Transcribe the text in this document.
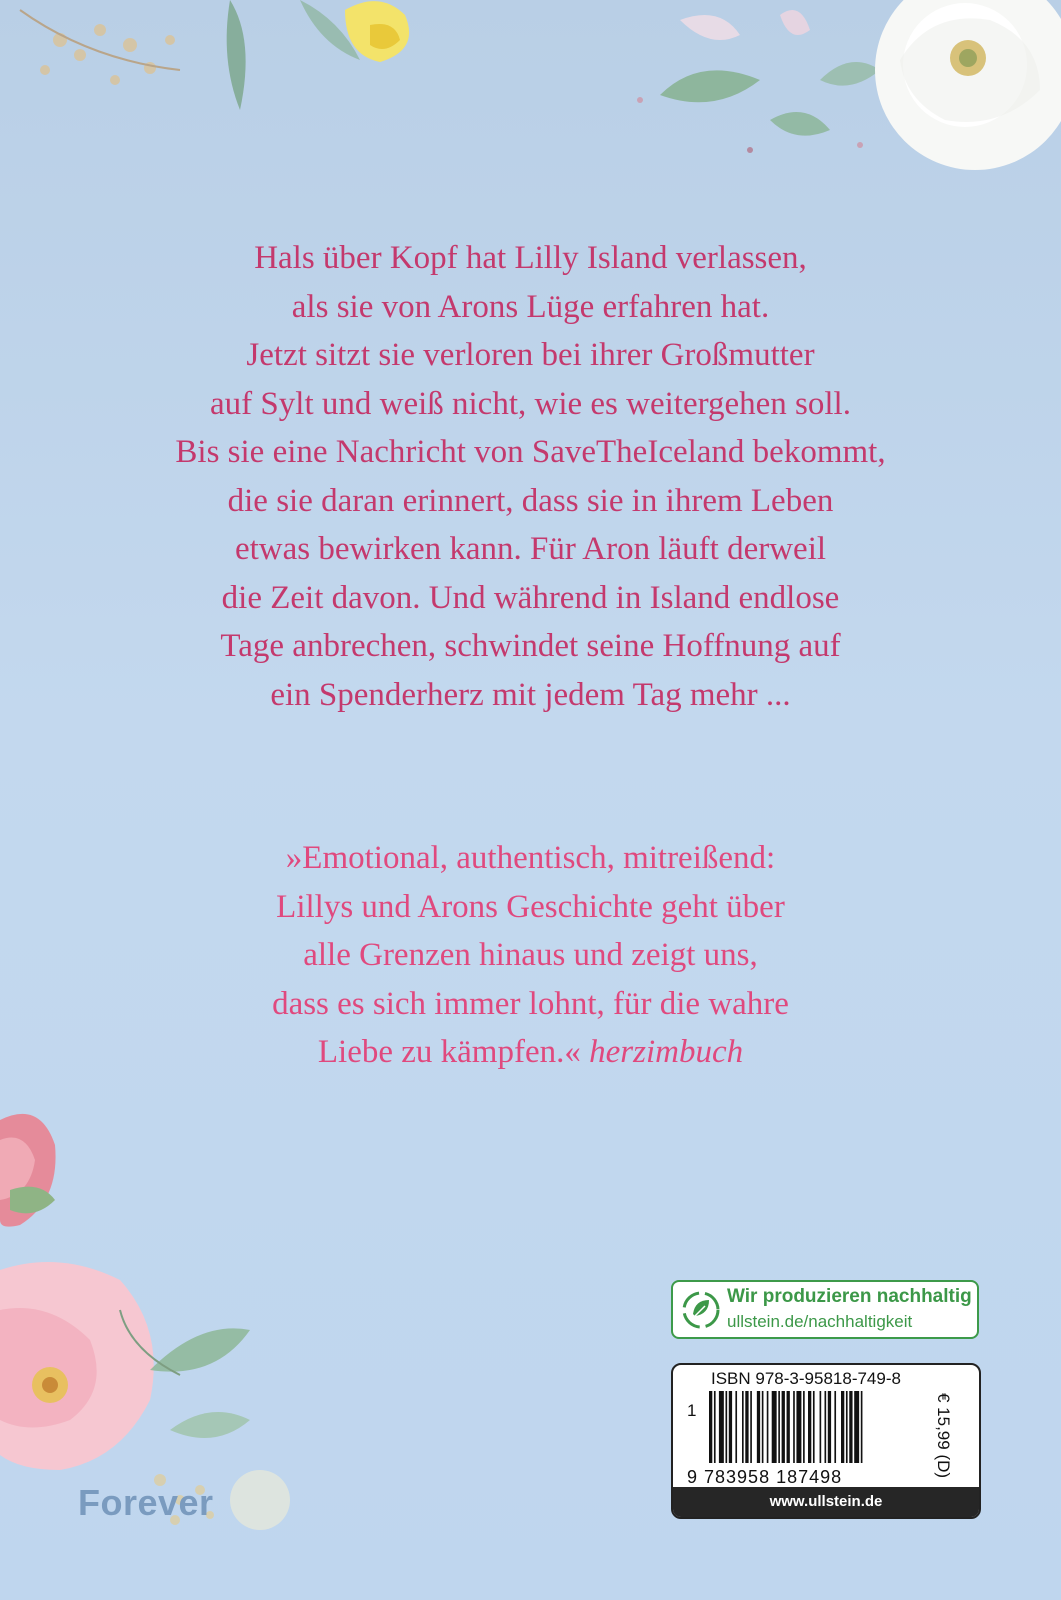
Hals über Kopf hat Lilly Island verlassen,
als sie von Arons Lüge erfahren hat.
Jetzt sitzt sie verloren bei ihrer Großmutter
auf Sylt und weiß nicht, wie es weitergehen soll.
Bis sie eine Nachricht von SaveTheIceland bekommt,
die sie daran erinnert, dass sie in ihrem Leben
etwas bewirken kann. Für Aron läuft derweil
die Zeit davon. Und während in Island endlose
Tage anbrechen, schwindet seine Hoffnung auf
ein Spenderherz mit jedem Tag mehr ...
»Emotional, authentisch, mitreißend:
Lillys und Arons Geschichte geht über
alle Grenzen hinaus und zeigt uns,
dass es sich immer lohnt, für die wahre
Liebe zu kämpfen.« herzimbuch
Wir produzieren nachhaltig
ullstein.de/nachhaltigkeit
ISBN 978-3-95818-749-8
1
9 783958 187498	€ 15,99 (D)
www.ullstein.de
Forever
